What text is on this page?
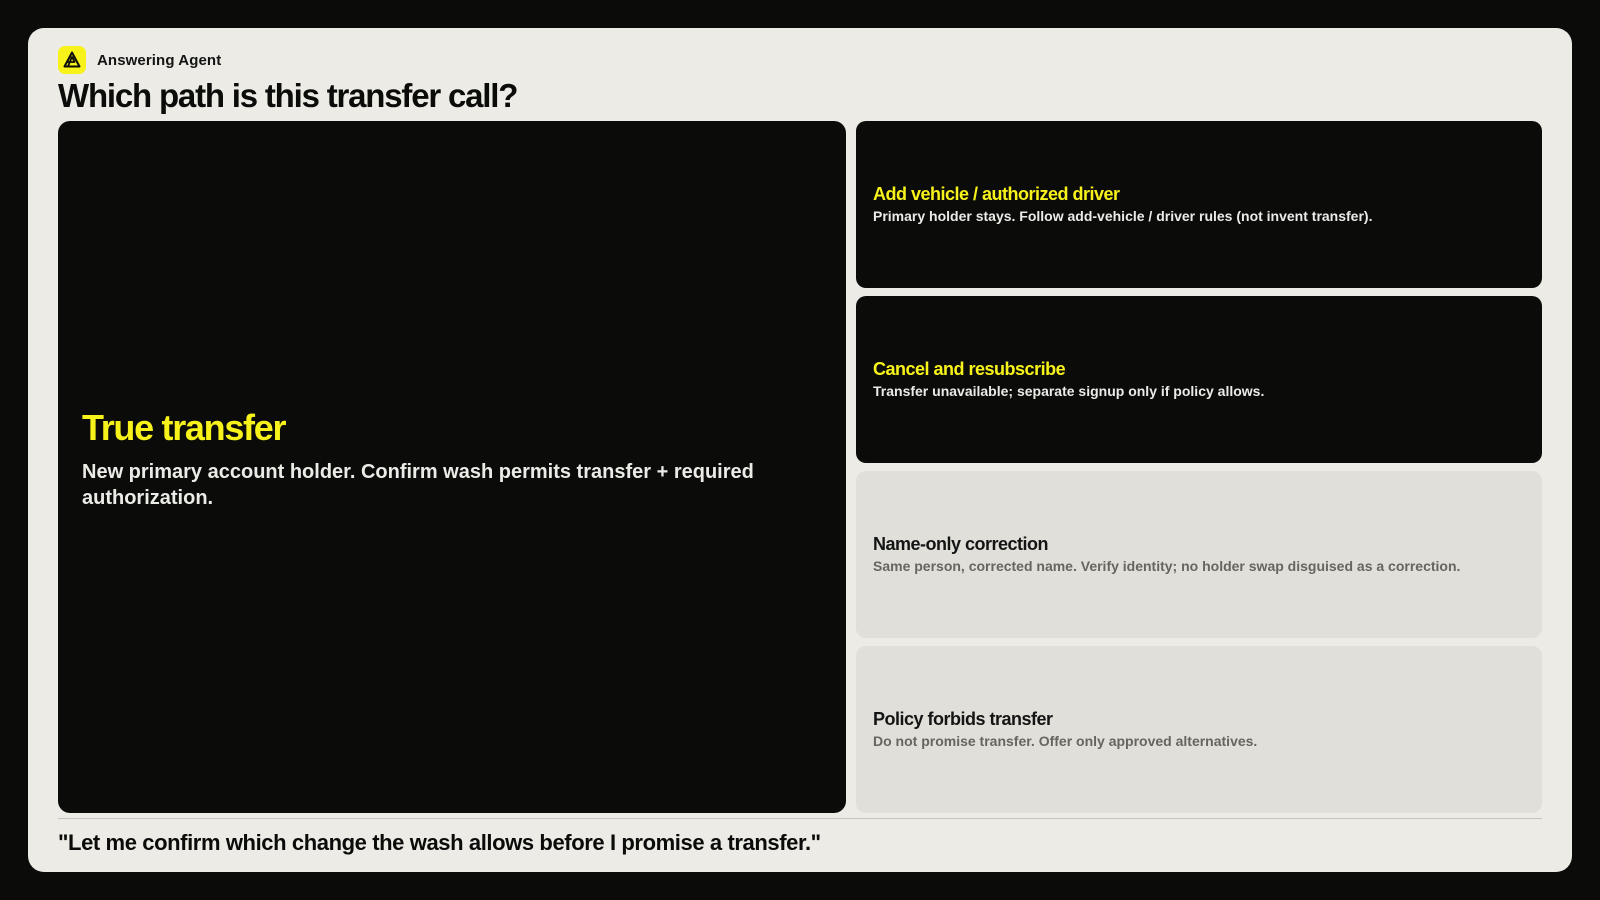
Answering Agent
Which path is this transfer call?
True transfer

New primary account holder. Confirm wash permits transfer + required authorization.

Add vehicle / authorized driver
Primary holder stays. Follow add-vehicle / driver rules (not invent transfer).
Cancel and resubscribe
Transfer unavailable; separate signup only if policy allows.
Name-only correction
Same person, corrected name. Verify identity; no holder swap disguised as a correction.
Policy forbids transfer
Do not promise transfer. Offer only approved alternatives.

"Let me confirm which change the wash allows before I promise a transfer."
